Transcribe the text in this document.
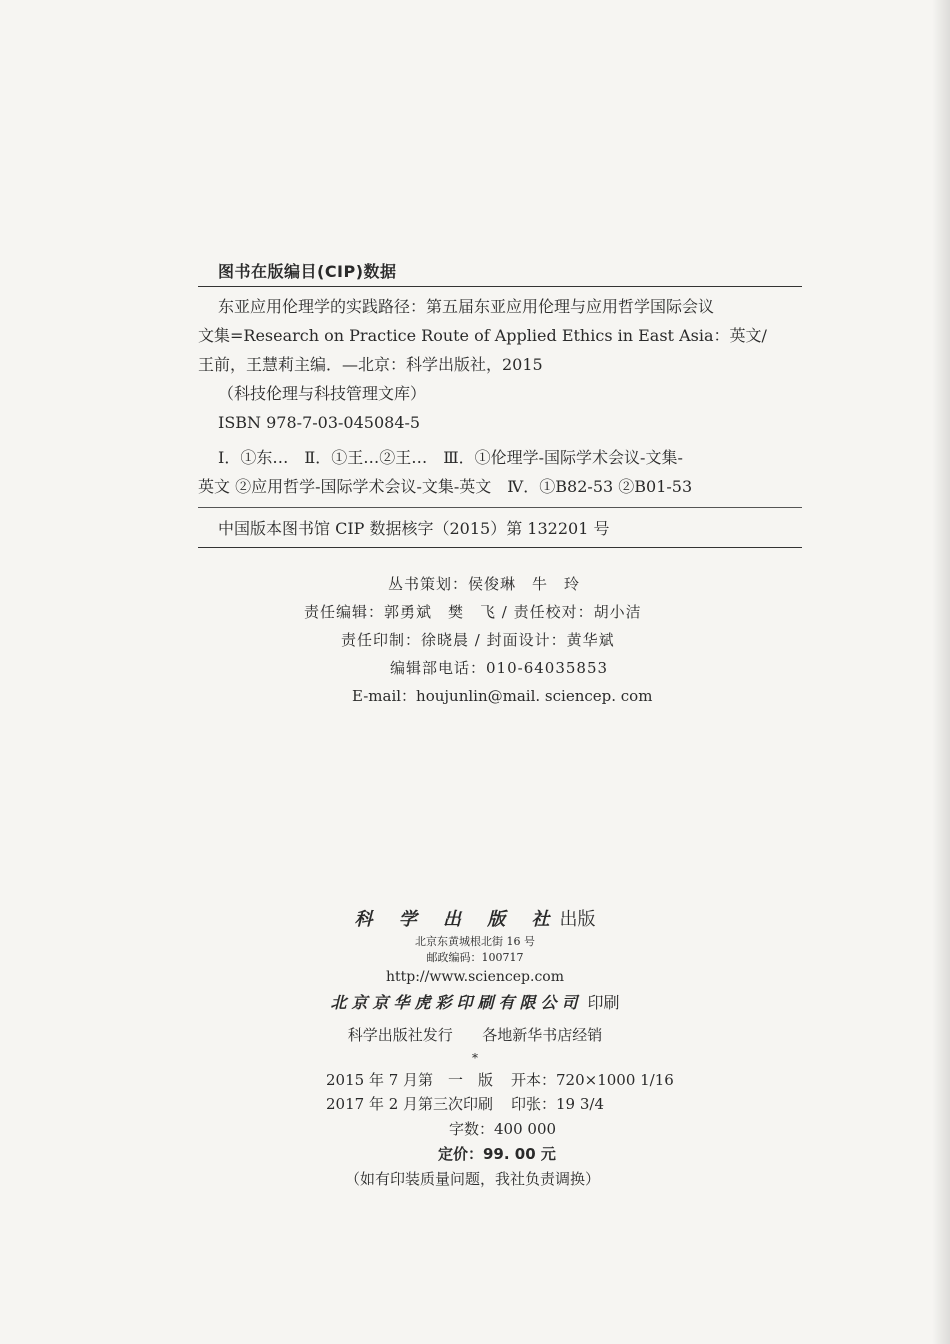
图书在版编目(CIP)数据
东亚应用伦理学的实践路径：第五届东亚应用伦理与应用哲学国际会议
文集=Research on Practice Route of Applied Ethics in East Asia：英文/
王前，王慧莉主编．—北京：科学出版社，2015
（科技伦理与科技管理文库）
ISBN 978-7-03-045084-5
Ⅰ．①东…　Ⅱ．①王…②王…　Ⅲ．①伦理学-国际学术会议-文集-
英文 ②应用哲学-国际学术会议-文集-英文　Ⅳ．①B82-53 ②B01-53
中国版本图书馆 CIP 数据核字（2015）第 132201 号
丛书策划：侯俊琳　牛　玲
责任编辑：郭勇斌　樊　飞 / 责任校对：胡小洁
责任印制：徐晓晨 / 封面设计：黄华斌
编辑部电话：010-64035853
E-mail：houjunlin@mail. sciencep. com
科 学 出 版 社出版
北京东黄城根北街 16 号
邮政编码：100717
http://www.sciencep.com
北京京华虎彩印刷有限公司 印刷
科学出版社发行 各地新华书店经销
*
2015 年 7 月第　一　版 开本：720×1000 1/16
2017 年 2 月第三次印刷 印张：19 3/4
字数：400 000
定价：99. 00 元
（如有印装质量问题，我社负责调换）
